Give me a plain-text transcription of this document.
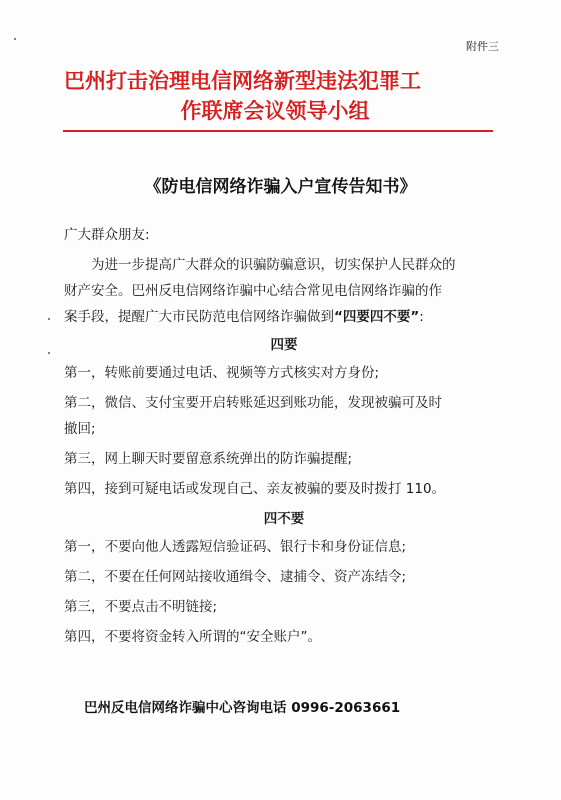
附件三
巴州打击治理电信网络新型违法犯罪工
作联席会议领导小组
《防电信网络诈骗入户宣传告知书》

广大群众朋友:

为进一步提高广大群众的识骗防骗意识，切实保护人民群众的

财产安全。巴州反电信网络诈骗中心结合常见电信网络诈骗的作

案手段，提醒广大市民防范电信网络诈骗做到“四要四不要”:

四要

第一，转账前要通过电话、视频等方式核实对方身份;

第二，微信、支付宝要开启转账延迟到账功能，发现被骗可及时

撤回;

第三，网上聊天时要留意系统弹出的防诈骗提醒;

第四，接到可疑电话或发现自己、亲友被骗的要及时拨打 110。

四不要

第一，不要向他人透露短信验证码、银行卡和身份证信息;

第二，不要在任何网站接收通缉令、逮捕令、资产冻结令;

第三，不要点击不明链接;

第四，不要将资金转入所谓的“安全账户”。

巴州反电信网络诈骗中心咨询电话 0996-2063661
